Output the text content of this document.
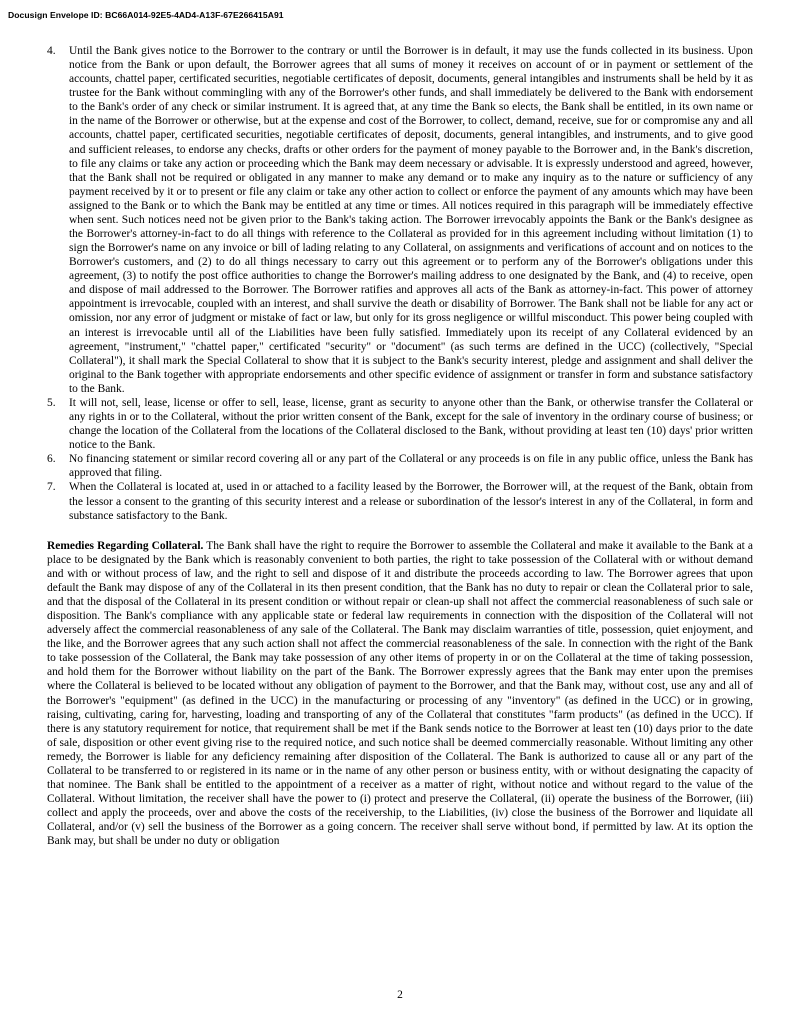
Docusign Envelope ID: BC66A014-92E5-4AD4-A13F-67E266415A91
4. Until the Bank gives notice to the Borrower to the contrary or until the Borrower is in default, it may use the funds collected in its business. Upon notice from the Bank or upon default, the Borrower agrees that all sums of money it receives on account of or in payment or settlement of the accounts, chattel paper, certificated securities, negotiable certificates of deposit, documents, general intangibles and instruments shall be held by it as trustee for the Bank without commingling with any of the Borrower's other funds, and shall immediately be delivered to the Bank with endorsement to the Bank's order of any check or similar instrument. It is agreed that, at any time the Bank so elects, the Bank shall be entitled, in its own name or in the name of the Borrower or otherwise, but at the expense and cost of the Borrower, to collect, demand, receive, sue for or compromise any and all accounts, chattel paper, certificated securities, negotiable certificates of deposit, documents, general intangibles, and instruments, and to give good and sufficient releases, to endorse any checks, drafts or other orders for the payment of money payable to the Borrower and, in the Bank's discretion, to file any claims or take any action or proceeding which the Bank may deem necessary or advisable. It is expressly understood and agreed, however, that the Bank shall not be required or obligated in any manner to make any demand or to make any inquiry as to the nature or sufficiency of any payment received by it or to present or file any claim or take any other action to collect or enforce the payment of any amounts which may have been assigned to the Bank or to which the Bank may be entitled at any time or times. All notices required in this paragraph will be immediately effective when sent. Such notices need not be given prior to the Bank's taking action. The Borrower irrevocably appoints the Bank or the Bank's designee as the Borrower's attorney-in-fact to do all things with reference to the Collateral as provided for in this agreement including without limitation (1) to sign the Borrower's name on any invoice or bill of lading relating to any Collateral, on assignments and verifications of account and on notices to the Borrower's customers, and (2) to do all things necessary to carry out this agreement or to perform any of the Borrower's obligations under this agreement, (3) to notify the post office authorities to change the Borrower's mailing address to one designated by the Bank, and (4) to receive, open and dispose of mail addressed to the Borrower. The Borrower ratifies and approves all acts of the Bank as attorney-in-fact. This power of attorney appointment is irrevocable, coupled with an interest, and shall survive the death or disability of Borrower. The Bank shall not be liable for any act or omission, nor any error of judgment or mistake of fact or law, but only for its gross negligence or willful misconduct. This power being coupled with an interest is irrevocable until all of the Liabilities have been fully satisfied. Immediately upon its receipt of any Collateral evidenced by an agreement, "instrument," "chattel paper," certificated "security" or "document" (as such terms are defined in the UCC) (collectively, "Special Collateral"), it shall mark the Special Collateral to show that it is subject to the Bank's security interest, pledge and assignment and shall deliver the original to the Bank together with appropriate endorsements and other specific evidence of assignment or transfer in form and substance satisfactory to the Bank.

5. It will not, sell, lease, license or offer to sell, lease, license, grant as security to anyone other than the Bank, or otherwise transfer the Collateral or any rights in or to the Collateral, without the prior written consent of the Bank, except for the sale of inventory in the ordinary course of business; or change the location of the Collateral from the locations of the Collateral disclosed to the Bank, without providing at least ten (10) days' prior written notice to the Bank.

6. No financing statement or similar record covering all or any part of the Collateral or any proceeds is on file in any public office, unless the Bank has approved that filing.

7. When the Collateral is located at, used in or attached to a facility leased by the Borrower, the Borrower will, at the request of the Bank, obtain from the lessor a consent to the granting of this security interest and a release or subordination of the lessor's interest in any of the Collateral, in form and substance satisfactory to the Bank.

Remedies Regarding Collateral. The Bank shall have the right to require the Borrower to assemble the Collateral and make it available to the Bank at a place to be designated by the Bank which is reasonably convenient to both parties, the right to take possession of the Collateral with or without demand and with or without process of law, and the right to sell and dispose of it and distribute the proceeds according to law. The Borrower agrees that upon default the Bank may dispose of any of the Collateral in its then present condition, that the Bank has no duty to repair or clean the Collateral prior to sale, and that the disposal of the Collateral in its present condition or without repair or clean-up shall not affect the commercial reasonableness of such sale or disposition. The Bank's compliance with any applicable state or federal law requirements in connection with the disposition of the Collateral will not adversely affect the commercial reasonableness of any sale of the Collateral. The Bank may disclaim warranties of title, possession, quiet enjoyment, and the like, and the Borrower agrees that any such action shall not affect the commercial reasonableness of the sale. In connection with the right of the Bank to take possession of the Collateral, the Bank may take possession of any other items of property in or on the Collateral at the time of taking possession, and hold them for the Borrower without liability on the part of the Bank. The Borrower expressly agrees that the Bank may enter upon the premises where the Collateral is believed to be located without any obligation of payment to the Borrower, and that the Bank may, without cost, use any and all of the Borrower's "equipment" (as defined in the UCC) in the manufacturing or processing of any "inventory" (as defined in the UCC) or in growing, raising, cultivating, caring for, harvesting, loading and transporting of any of the Collateral that constitutes "farm products" (as defined in the UCC). If there is any statutory requirement for notice, that requirement shall be met if the Bank sends notice to the Borrower at least ten (10) days prior to the date of sale, disposition or other event giving rise to the required notice, and such notice shall be deemed commercially reasonable. Without limiting any other remedy, the Borrower is liable for any deficiency remaining after disposition of the Collateral. The Bank is authorized to cause all or any part of the Collateral to be transferred to or registered in its name or in the name of any other person or business entity, with or without designating the capacity of that nominee. The Bank shall be entitled to the appointment of a receiver as a matter of right, without notice and without regard to the value of the Collateral. Without limitation, the receiver shall have the power to (i) protect and preserve the Collateral, (ii) operate the business of the Borrower, (iii) collect and apply the proceeds, over and above the costs of the receivership, to the Liabilities, (iv) close the business of the Borrower and liquidate all Collateral, and/or (v) sell the business of the Borrower as a going concern. The receiver shall serve without bond, if permitted by law. At its option the Bank may, but shall be under no duty or obligation

2
